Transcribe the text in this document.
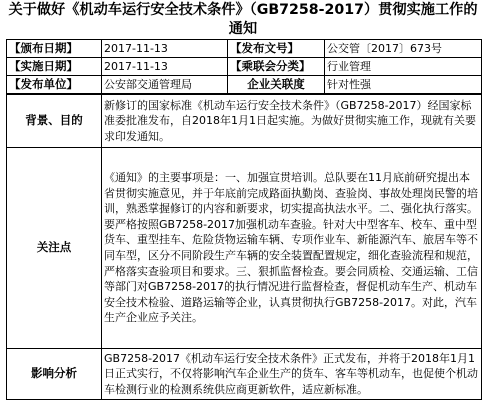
关于做好《机动车运行安全技术条件》（GB7258-2017）贯彻实施工作的通知
【颁布日期】	2017-11-13	【发布文号】	公交管〔2017〕673号
【实施日期】	2017-11-13	【乘联会分类】	行业管理
【发布单位】	公安部交通管理局	企业关联度	针对性强
背景、目的	新修订的国家标准《机动车运行安全技术条件》（GB7258-2017）经国家标准委批准发布，自2018年1月1日起实施。为做好贯彻实施工作，现就有关要求印发通知。		
关注点	《通知》的主要事项是：一、加强宣贯培训。总队要在11月底前研究提出本省贯彻实施意见，并于年底前完成路面执勤岗、查验岗、事故处理岗民警的培训，熟悉掌握修订的内容和新要求，切实提高执法水平。二、强化执行落实。要严格按照GB7258-2017加强机动车查验。针对大中型客车、校车、重中型货车、重型挂车、危险货物运输车辆、专项作业车、新能源汽车、旅居车等不同车型，区分不同阶段生产车辆的安全装置配置规定，细化查验流程和规范，严格落实查验项目和要求。三、狠抓监督检查。要会同质检、交通运输、工信等部门对GB7258-2017的执行情况进行监督检查，督促机动车生产、机动车安全技术检验、道路运输等企业，认真贯彻执行GB7258-2017。对此，汽车生产企业应予关注。		
影响分析	GB7258-2017《机动车运行安全技术条件》正式发布，并将于2018年1月1日正式实行，不仅将影响汽车企业生产的货车、客车等机动车，也促使个机动车检测行业的检测系统供应商更新软件，适应新标准。		
